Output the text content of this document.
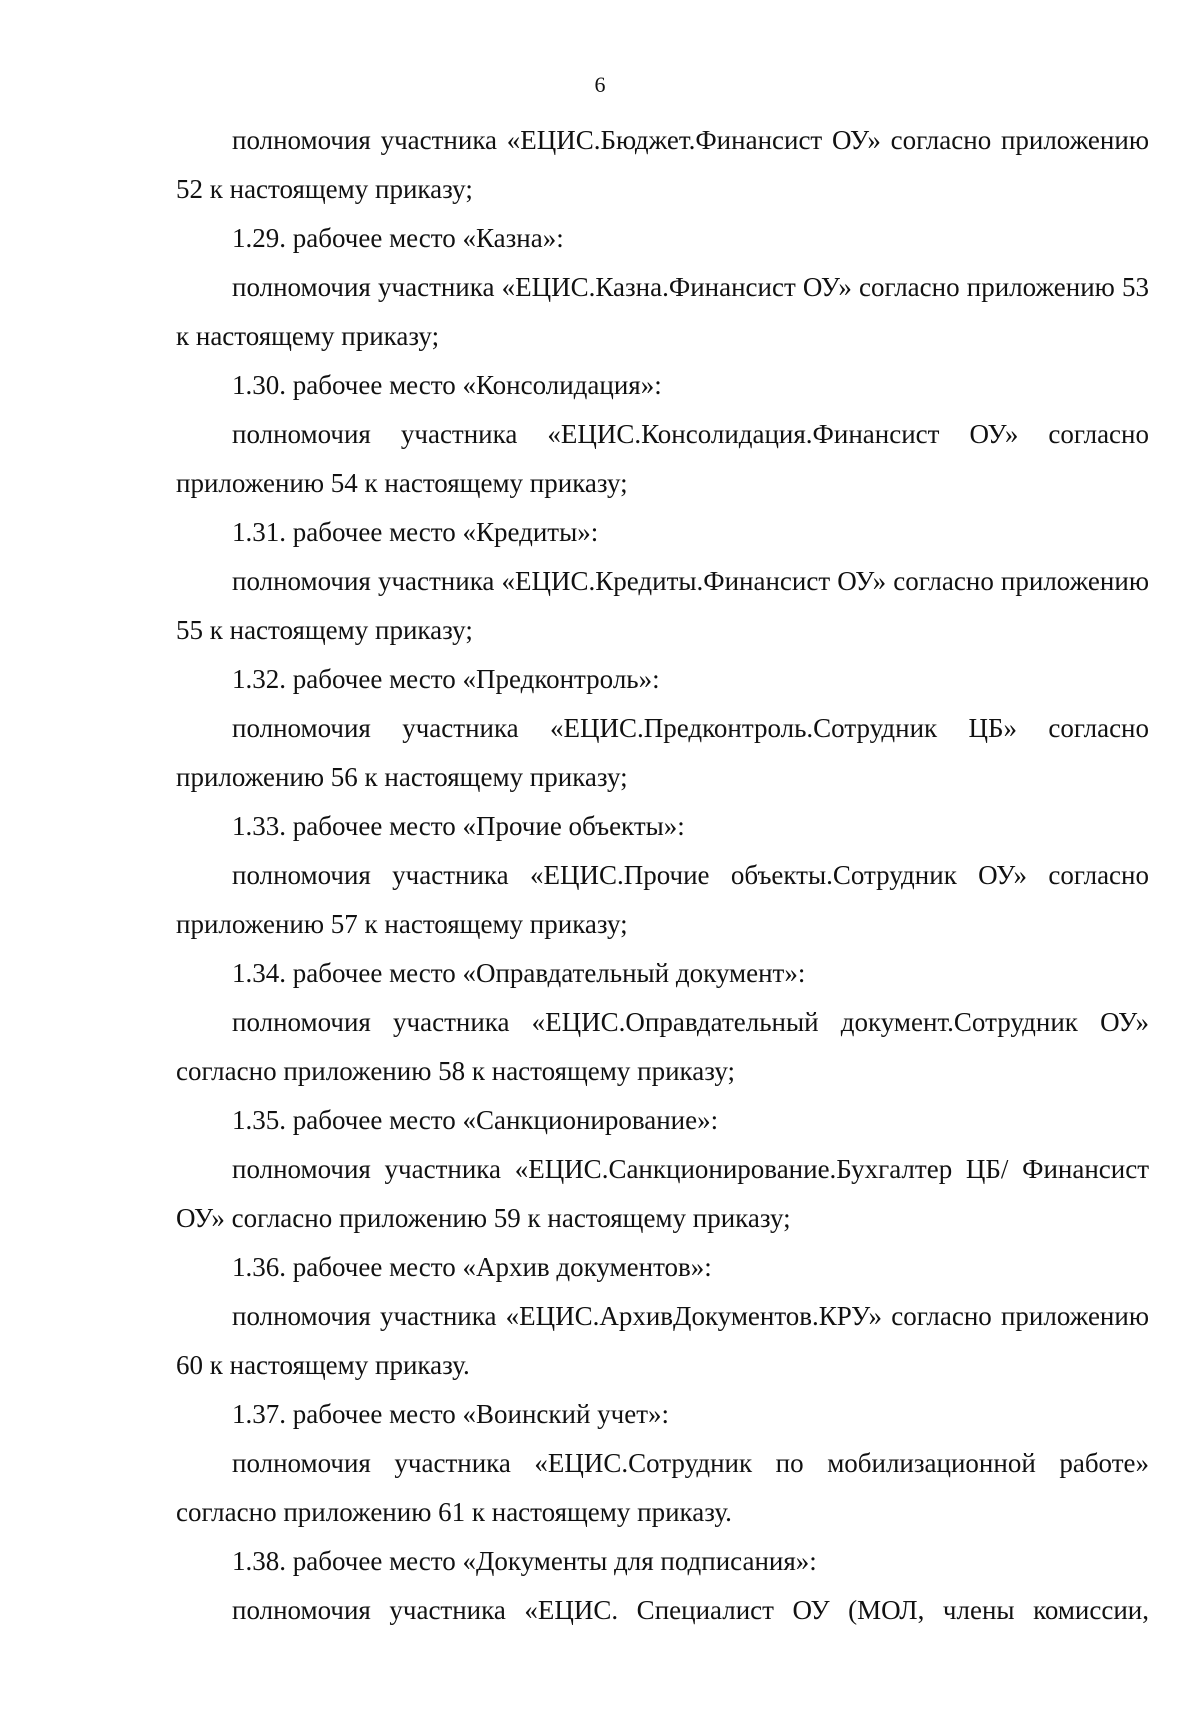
6

полномочия участника «ЕЦИС.Бюджет.Финансист ОУ» согласно приложению 52 к настоящему приказу;

1.29. рабочее место «Казна»:

полномочия участника «ЕЦИС.Казна.Финансист ОУ» согласно приложению 53 к настоящему приказу;

1.30. рабочее место «Консолидация»:

полномочия участника «ЕЦИС.Консолидация.Финансист ОУ» согласно приложению 54 к настоящему приказу;

1.31. рабочее место «Кредиты»:

полномочия участника «ЕЦИС.Кредиты.Финансист ОУ» согласно приложению 55 к настоящему приказу;

1.32. рабочее место «Предконтроль»:

полномочия участника «ЕЦИС.Предконтроль.Сотрудник ЦБ» согласно приложению 56 к настоящему приказу;

1.33. рабочее место «Прочие объекты»:

полномочия участника «ЕЦИС.Прочие объекты.Сотрудник ОУ» согласно приложению 57 к настоящему приказу;

1.34. рабочее место «Оправдательный документ»:

полномочия участника «ЕЦИС.Оправдательный документ.Сотрудник ОУ» согласно приложению 58 к настоящему приказу;

1.35. рабочее место «Санкционирование»:

полномочия участника «ЕЦИС.Санкционирование.Бухгалтер ЦБ/ Финансист ОУ» согласно приложению 59 к настоящему приказу;

1.36. рабочее место «Архив документов»:

полномочия участника «ЕЦИС.АрхивДокументов.КРУ» согласно приложению 60 к настоящему приказу.

1.37. рабочее место «Воинский учет»:

полномочия участника «ЕЦИС.Сотрудник по мобилизационной работе» согласно приложению 61 к настоящему приказу.

1.38. рабочее место «Документы для подписания»:

полномочия участника «ЕЦИС. Специалист ОУ (МОЛ, члены комиссии,
